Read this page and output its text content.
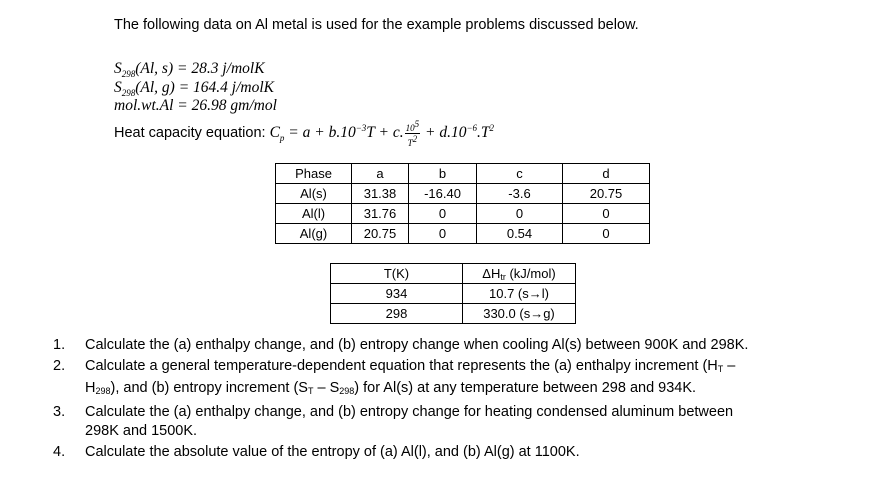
The following data on Al metal is used for the example problems discussed below.
$S_{298}(Al$, s) = 28.3 j/molK
$S_{298}(Al$, g) = 164.4 j/molK
mol.wt.Al = 26.98 gm/mol
Heat capacity equation: $C_p = a + b.10^{-3}T + c$. $\frac{10^5}{T^2} + d.10^{-6}.T^2$
Phase	a	b	c	d
Al(s)	31.38	-16.40	-3.6	20.75
Al(l)	31.76	0	0	0
Al(g)	20.75	0	0.54	0
T(K)	$\Delta H_{tr}$ (kJ/mol)
934	10.7 (s→l)
298	330.0 (s→g)
1. Calculate the (a) enthalpy change, and (b) entropy change when cooling Al(s) between 900K and 298K.
2. Calculate a general temperature-dependent equation that represents the (a) enthalpy increment $(H_T - H_{298})$, and (b) entropy increment $(S_T - S_{298})$ for Al(s) at any temperature between 298 and 934K.
3. Calculate the (a) enthalpy change, and (b) entropy change for heating condensed aluminum between 298K and 1500K.
4. Calculate the absolute value of the entropy of (a) Al(l), and (b) Al(g) at 1100K.
